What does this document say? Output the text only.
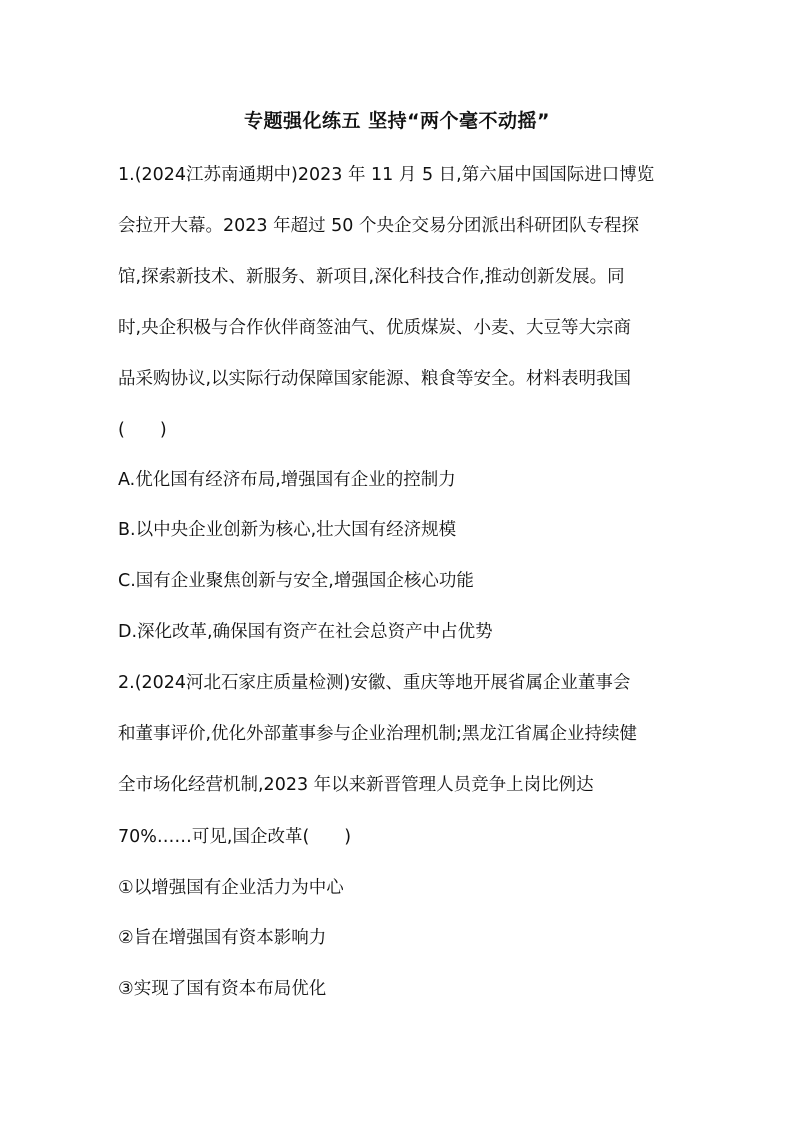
专题强化练五 坚持“两个毫不动摇”
1.(2024江苏南通期中)2023 年 11 月 5 日,第六届中国国际进口博览
会拉开大幕。2023 年超过 50 个央企交易分团派出科研团队专程探
馆,探索新技术、新服务、新项目,深化科技合作,推动创新发展。同
时,央企积极与合作伙伴商签油气、优质煤炭、小麦、大豆等大宗商
品采购协议,以实际行动保障国家能源、粮食等安全。材料表明我国
(　　)
A.优化国有经济布局,增强国有企业的控制力
B.以中央企业创新为核心,壮大国有经济规模
C.国有企业聚焦创新与安全,增强国企核心功能
D.深化改革,确保国有资产在社会总资产中占优势
2.(2024河北石家庄质量检测)安徽、重庆等地开展省属企业董事会
和董事评价,优化外部董事参与企业治理机制;黑龙江省属企业持续健
全市场化经营机制,2023 年以来新晋管理人员竞争上岗比例达
70%……可见,国企改革(　　)
①以增强国有企业活力为中心
②旨在增强国有资本影响力
③实现了国有资本布局优化
